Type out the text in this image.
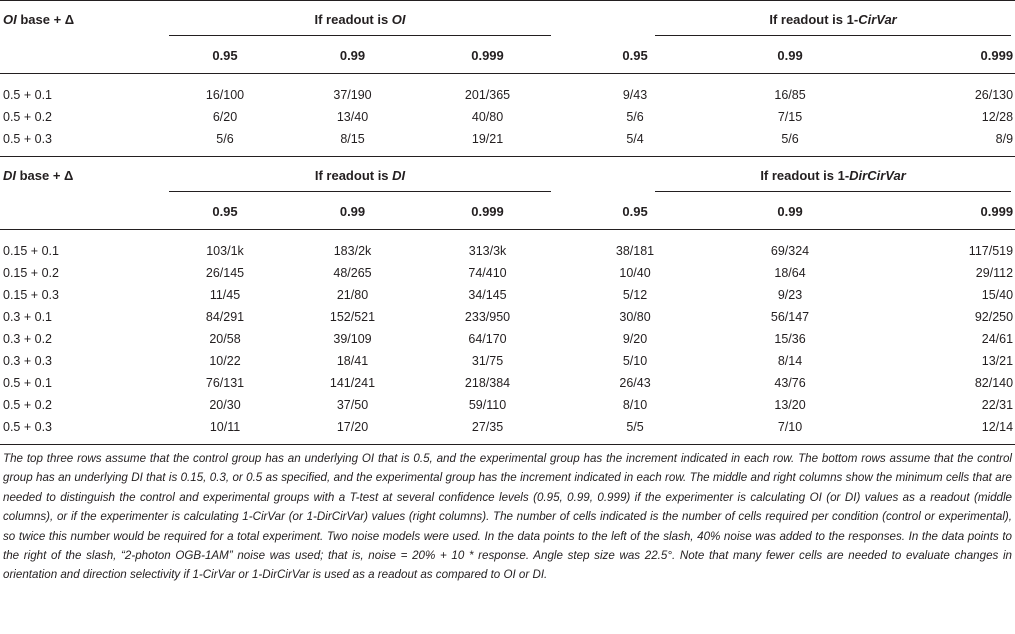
OI base + Δ	If readout is OI			If readout is 1-CirVar		
	0.95	0.99	0.999	0.95	0.99	0.999
0.5 + 0.1	16/100	37/190	201/365	9/43	16/85	26/130
0.5 + 0.2	6/20	13/40	40/80	5/6	7/15	12/28
0.5 + 0.3	5/6	8/15	19/21	5/4	5/6	8/9
DI base + Δ	If readout is DI			If readout is 1-DirCirVar		
	0.95	0.99	0.999	0.95	0.99	0.999
0.15 + 0.1	103/1k	183/2k	313/3k	38/181	69/324	117/519
0.15 + 0.2	26/145	48/265	74/410	10/40	18/64	29/112
0.15 + 0.3	11/45	21/80	34/145	5/12	9/23	15/40
0.3 + 0.1	84/291	152/521	233/950	30/80	56/147	92/250
0.3 + 0.2	20/58	39/109	64/170	9/20	15/36	24/61
0.3 + 0.3	10/22	18/41	31/75	5/10	8/14	13/21
0.5 + 0.1	76/131	141/241	218/384	26/43	43/76	82/140
0.5 + 0.2	20/30	37/50	59/110	8/10	13/20	22/31
0.5 + 0.3	10/11	17/20	27/35	5/5	7/10	12/14

The top three rows assume that the control group has an underlying OI that is 0.5, and the experimental group has the increment indicated in each row. The bottom rows assume that the control group has an underlying DI that is 0.15, 0.3, or 0.5 as specified, and the experimental group has the increment indicated in each row. The middle and right columns show the minimum cells that are needed to distinguish the control and experimental groups with a T-test at several confidence levels (0.95, 0.99, 0.999) if the experimenter is calculating OI (or DI) values as a readout (middle columns), or if the experimenter is calculating 1-CirVar (or 1-DirCirVar) values (right columns). The number of cells indicated is the number of cells required per condition (control or experimental), so twice this number would be required for a total experiment. Two noise models were used. In the data points to the left of the slash, 40% noise was added to the responses. In the data points to the right of the slash, “2-photon OGB-1AM” noise was used; that is, noise = 20% + 10 * response. Angle step size was 22.5°. Note that many fewer cells are needed to evaluate changes in orientation and direction selectivity if 1-CirVar or 1-DirCirVar is used as a readout as compared to OI or DI.
